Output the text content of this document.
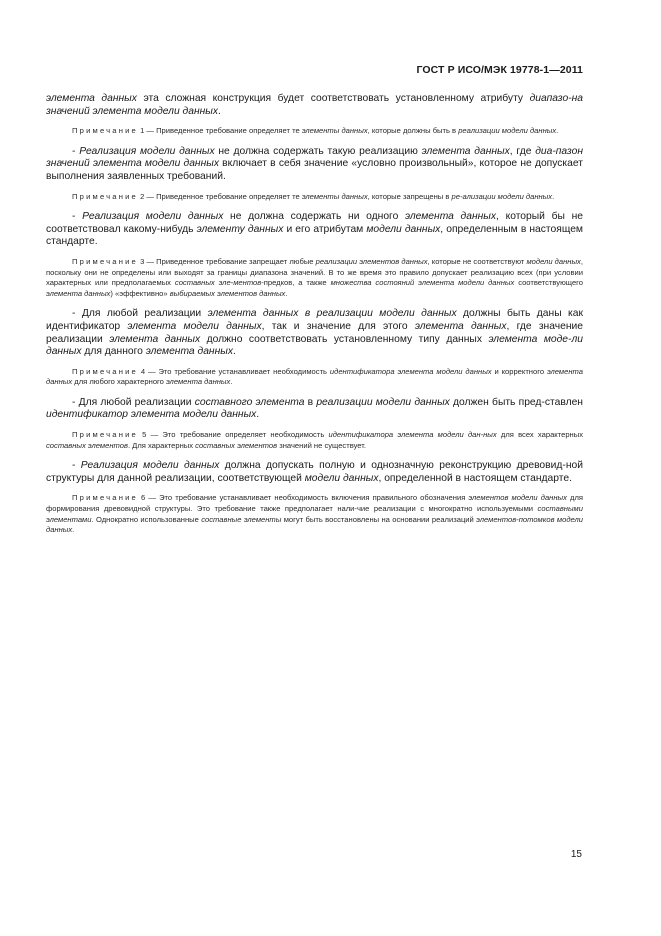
ГОСТ Р ИСО/МЭК 19778-1—2011

элемента данных эта сложная конструкция будет соответствовать установленному атрибуту диапазо-на значений элемента модели данных.

Примечание 1 — Приведенное требование определяет те элементы данных, которые должны быть в реализации модели данных.

- Реализация модели данных не должна содержать такую реализацию элемента данных, где диа-пазон значений элемента модели данных включает в себя значение «условно произвольный», которое не допускает выполнения заявленных требований.

Примечание 2 — Приведенное требование определяет те элементы данных, которые запрещены в ре-ализации модели данных.

- Реализация модели данных не должна содержать ни одного элемента данных, который бы не соответствовал какому-нибудь элементу данных и его атрибутам модели данных, определенным в настоящем стандарте.

Примечание 3 — Приведенное требование запрещает любые реализации элементов данных, которые не соответствуют модели данных, поскольку они не определены или выходят за границы диапазона значений. В то же время это правило допускает реализацию всех (при условии характерных или предполагаемых составных эле-ментов-предков, а также множества состояний элемента модели данных соответствующего элемента данных) «эффективно» выбираемых элементов данных.

- Для любой реализации элемента данных в реализации модели данных должны быть даны как идентификатор элемента модели данных, так и значение для этого элемента данных, где значение реализации элемента данных должно соответствовать установленному типу данных элемента моде-ли данных для данного элемента данных.

Примечание 4 — Это требование устанавливает необходимость идентификатора элемента модели данных и корректного элемента данных для любого характерного элемента данных.

- Для любой реализации составного элемента в реализации модели данных должен быть пред-ставлен идентификатор элемента модели данных.

Примечание 5 — Это требование определяет необходимость идентификатора элемента модели дан-ных для всех характерных составных элементов. Для характерных составных элементов значений не существует.

- Реализация модели данных должна допускать полную и однозначную реконструкцию древовид-ной структуры для данной реализации, соответствующей модели данных, определенной в настоящем стандарте.

Примечание 6 — Это требование устанавливает необходимость включения правильного обозначения элементов модели данных для формирования древовидной структуры. Это требование также предполагает нали-чие реализации с многократно используемыми составными элементами. Однократно использованные составные элементы могут быть восстановлены на основании реализаций элементов-потомков модели данных.

15
